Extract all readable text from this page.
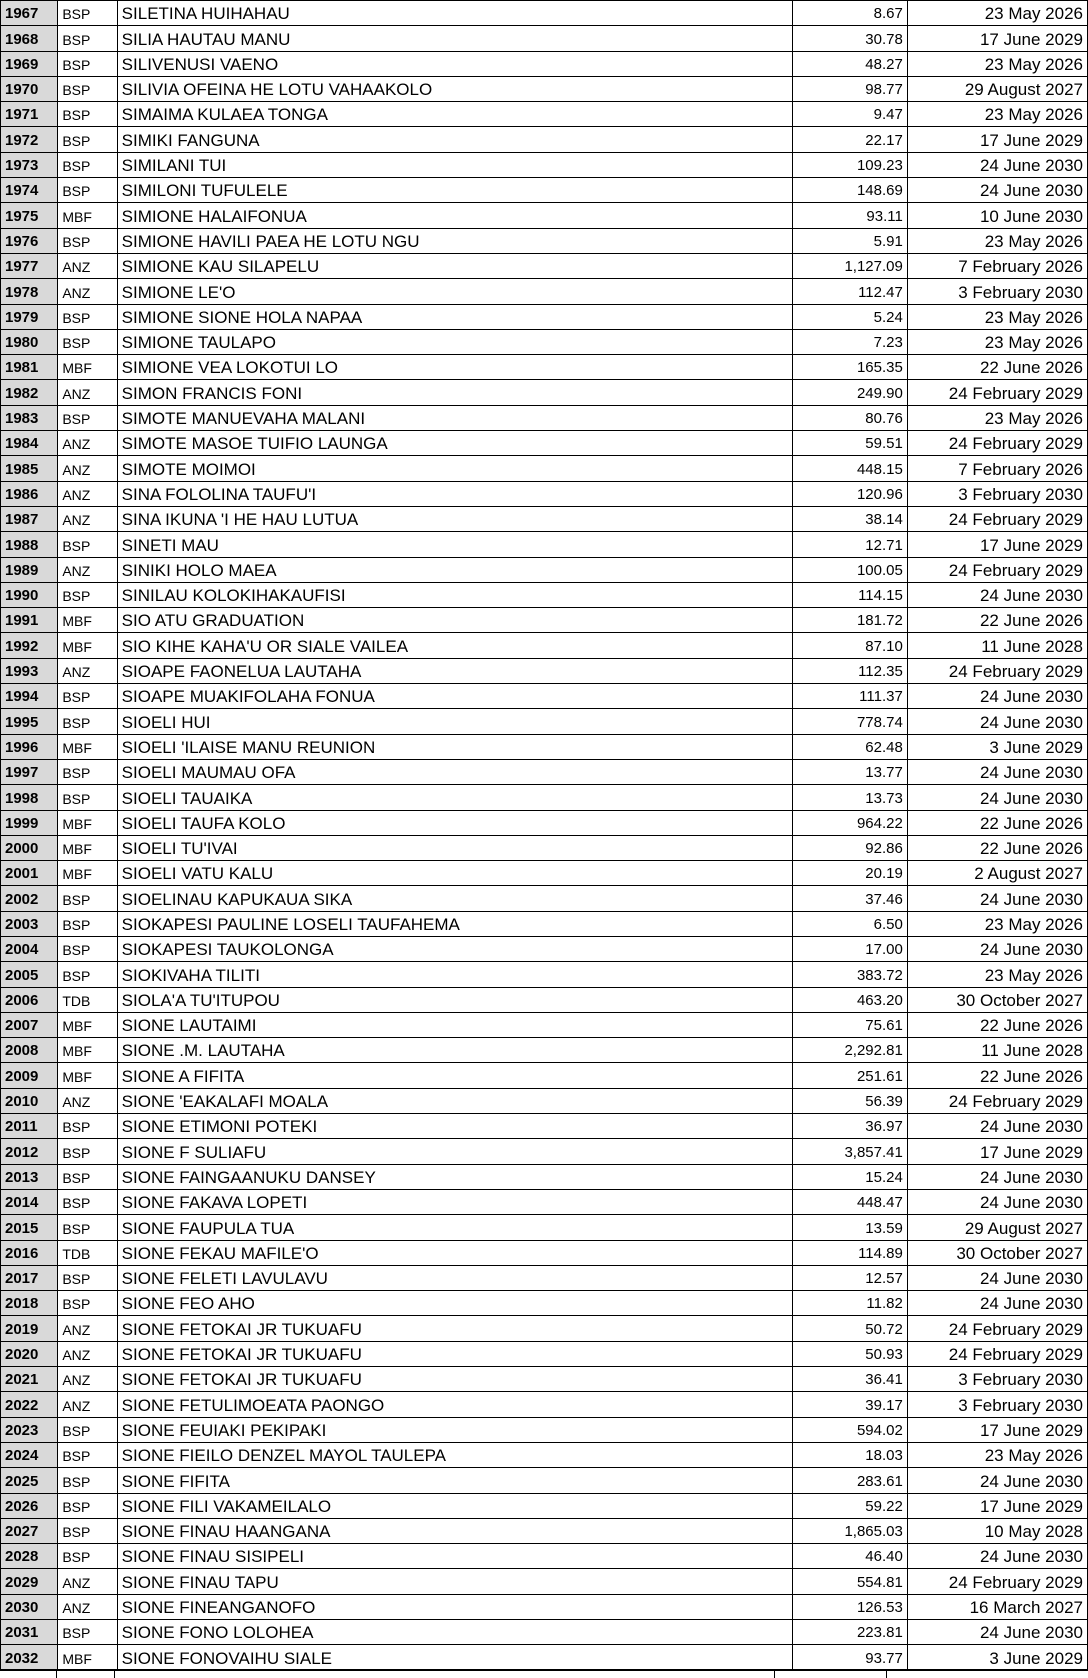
1967	BSP	SILETINA HUIHAHAU	8.67	23 May 2026
1968	BSP	SILIA HAUTAU MANU	30.78	17 June 2029
1969	BSP	SILIVENUSI VAENO	48.27	23 May 2026
1970	BSP	SILIVIA OFEINA HE LOTU VAHAAKOLO	98.77	29 August 2027
1971	BSP	SIMAIMA KULAEA TONGA	9.47	23 May 2026
1972	BSP	SIMIKI FANGUNA	22.17	17 June 2029
1973	BSP	SIMILANI TUI	109.23	24 June 2030
1974	BSP	SIMILONI TUFULELE	148.69	24 June 2030
1975	MBF	SIMIONE HALAIFONUA	93.11	10 June 2030
1976	BSP	SIMIONE HAVILI PAEA HE LOTU NGU	5.91	23 May 2026
1977	ANZ	SIMIONE KAU SILAPELU	1,127.09	7 February 2026
1978	ANZ	SIMIONE LE'O	112.47	3 February 2030
1979	BSP	SIMIONE SIONE HOLA NAPAA	5.24	23 May 2026
1980	BSP	SIMIONE TAULAPO	7.23	23 May 2026
1981	MBF	SIMIONE VEA LOKOTUI LO	165.35	22 June 2026
1982	ANZ	SIMON FRANCIS FONI	249.90	24 February 2029
1983	BSP	SIMOTE MANUEVAHA MALANI	80.76	23 May 2026
1984	ANZ	SIMOTE MASOE TUIFIO LAUNGA	59.51	24 February 2029
1985	ANZ	SIMOTE MOIMOI	448.15	7 February 2026
1986	ANZ	SINA FOLOLINA TAUFU'I	120.96	3 February 2030
1987	ANZ	SINA IKUNA 'I HE HAU LUTUA	38.14	24 February 2029
1988	BSP	SINETI MAU	12.71	17 June 2029
1989	ANZ	SINIKI HOLO MAEA	100.05	24 February 2029
1990	BSP	SINILAU KOLOKIHAKAUFISI	114.15	24 June 2030
1991	MBF	SIO ATU GRADUATION	181.72	22 June 2026
1992	MBF	SIO KIHE KAHA'U OR SIALE VAILEA	87.10	11 June 2028
1993	ANZ	SIOAPE FAONELUA LAUTAHA	112.35	24 February 2029
1994	BSP	SIOAPE MUAKIFOLAHA FONUA	111.37	24 June 2030
1995	BSP	SIOELI HUI	778.74	24 June 2030
1996	MBF	SIOELI 'ILAISE MANU REUNION	62.48	3 June 2029
1997	BSP	SIOELI MAUMAU OFA	13.77	24 June 2030
1998	BSP	SIOELI TAUAIKA	13.73	24 June 2030
1999	MBF	SIOELI TAUFA KOLO	964.22	22 June 2026
2000	MBF	SIOELI TU'IVAI	92.86	22 June 2026
2001	MBF	SIOELI VATU KALU	20.19	2 August 2027
2002	BSP	SIOELINAU KAPUKAUA SIKA	37.46	24 June 2030
2003	BSP	SIOKAPESI PAULINE LOSELI TAUFAHEMA	6.50	23 May 2026
2004	BSP	SIOKAPESI TAUKOLONGA	17.00	24 June 2030
2005	BSP	SIOKIVAHA TILITI	383.72	23 May 2026
2006	TDB	SIOLA'A TU'ITUPOU	463.20	30 October 2027
2007	MBF	SIONE LAUTAIMI	75.61	22 June 2026
2008	MBF	SIONE .M. LAUTAHA	2,292.81	11 June 2028
2009	MBF	SIONE A FIFITA	251.61	22 June 2026
2010	ANZ	SIONE 'EAKALAFI MOALA	56.39	24 February 2029
2011	BSP	SIONE ETIMONI POTEKI	36.97	24 June 2030
2012	BSP	SIONE F SULIAFU	3,857.41	17 June 2029
2013	BSP	SIONE FAINGAANUKU DANSEY	15.24	24 June 2030
2014	BSP	SIONE FAKAVA LOPETI	448.47	24 June 2030
2015	BSP	SIONE FAUPULA TUA	13.59	29 August 2027
2016	TDB	SIONE FEKAU MAFILE'O	114.89	30 October 2027
2017	BSP	SIONE FELETI LAVULAVU	12.57	24 June 2030
2018	BSP	SIONE FEO AHO	11.82	24 June 2030
2019	ANZ	SIONE FETOKAI JR TUKUAFU	50.72	24 February 2029
2020	ANZ	SIONE FETOKAI JR TUKUAFU	50.93	24 February 2029
2021	ANZ	SIONE FETOKAI JR TUKUAFU	36.41	3 February 2030
2022	ANZ	SIONE FETULIMOEATA PAONGO	39.17	3 February 2030
2023	BSP	SIONE FEUIAKI PEKIPAKI	594.02	17 June 2029
2024	BSP	SIONE FIEILO DENZEL MAYOL TAULEPA	18.03	23 May 2026
2025	BSP	SIONE FIFITA	283.61	24 June 2030
2026	BSP	SIONE FILI VAKAMEILALO	59.22	17 June 2029
2027	BSP	SIONE FINAU HAANGANA	1,865.03	10 May 2028
2028	BSP	SIONE FINAU SISIPELI	46.40	24 June 2030
2029	ANZ	SIONE FINAU TAPU	554.81	24 February 2029
2030	ANZ	SIONE FINEANGANOFO	126.53	16 March 2027
2031	BSP	SIONE FONO LOLOHEA	223.81	24 June 2030
2032	MBF	SIONE FONOVAIHU SIALE	93.77	3 June 2029
